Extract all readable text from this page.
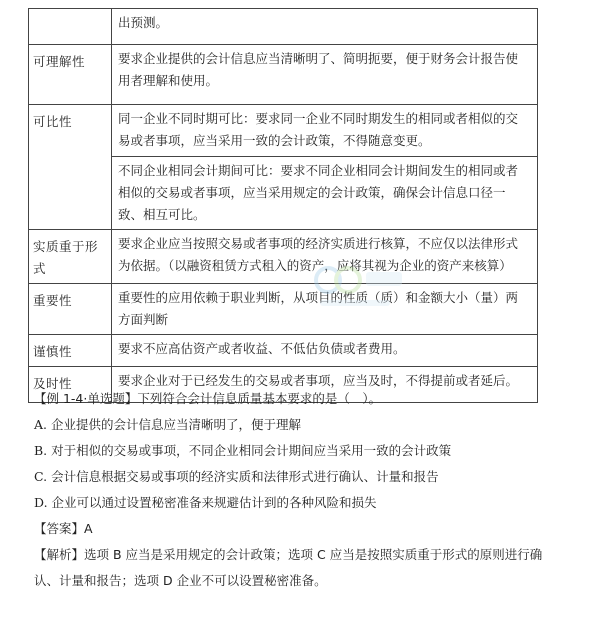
	出预测。
可理解性	要求企业提供的会计信息应当清晰明了、简明扼要，便于财务会计报告使用者理解和使用。
可比性	同一企业不同时期可比：要求同一企业不同时期发生的相同或者相似的交易或者事项，应当采用一致的会计政策，不得随意变更。
	不同企业相同会计期间可比：要求不同企业相同会计期间发生的相同或者相似的交易或者事项，应当采用规定的会计政策，确保会计信息口径一致、相互可比。
实质重于形式	要求企业应当按照交易或者事项的经济实质进行核算，不应仅以法律形式为依据。（以融资租赁方式租入的资产，应将其视为企业的资产来核算）
重要性	重要性的应用依赖于职业判断，从项目的性质（质）和金额大小（量）两方面判断
谨慎性	要求不应高估资产或者收益、不低估负债或者费用。
及时性	要求企业对于已经发生的交易或者事项，应当及时，不得提前或者延后。

【例 1-4·单选题】下列符合会计信息质量基本要求的是（　）。

A. 企业提供的会计信息应当清晰明了，便于理解

B. 对于相似的交易或事项，不同企业相同会计期间应当采用一致的会计政策

C. 会计信息根据交易或事项的经济实质和法律形式进行确认、计量和报告

D. 企业可以通过设置秘密准备来规避估计到的各种风险和损失

【答案】A

【解析】选项 B 应当是采用规定的会计政策；选项 C 应当是按照实质重于形式的原则进行确认、计量和报告；选项 D 企业不可以设置秘密准备。
